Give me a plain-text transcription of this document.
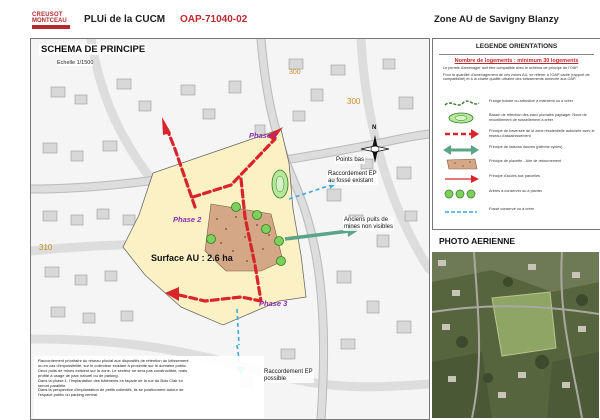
CREUSOT
MONTCEAU	PLUi de la CUCM OAP-71040-02	Zone AU de Savigny Blanzy
SCHEMA DE PRINCIPE
Echelle 1/1500
300
300
310
N
Phase 1
Phase 2
Phase 3
Surface AU : 2.6 ha
Points bas
Raccordement EP
au fossé existant
Anciens puits de
mines non visibles
Raccordement EP
possible
Raccordement prioritaire du réseau pluvial aux dispositifs de rétention du lotissement
ou en cas d'impossibilité, sur le collecteur existant à proximité sur le domaine public.
Deux puits de mines existent sur la zone. Le secteur ne sera pas constructible, mais
profité à usage de parc naturel ou de parking.
Dans la phase 1, l'implantation des bâtiments en façade de la rue du Bois Clair lui
seront parallèle.
Dans la perspective d'implantation de petits collectifs, ils se positionnent autour de
l'espace public ou parking central.
LEGENDE ORIENTATIONS
Nombre de logements : minimum 30 logements
Le permis d'aménager doit être compatible avec le schéma de principe de l'OAP.
Pour la quantité d'aménagement de ces zones AU, se référer à l'OAP cadre (rapport de compatibilité) et à la charte qualité urbaine des lotissements annexée aux OAP.
Frange boisée ou arbustive à maintenir ou à créer
Bassin de rétention des eaux pluviales paysager. Noue de recueillement de ruissellement à créer
Principe de traversée de la zone résidentielle autorisée avec le réseau d'assainissement
Principe de liaisons douces (piétons cycles)
Principe de placette - Aire de retournement
Principe d'accès aux parcelles
Arbres à conserver ou à planter
Fossé conservé ou à créer
PHOTO AERIENNE
